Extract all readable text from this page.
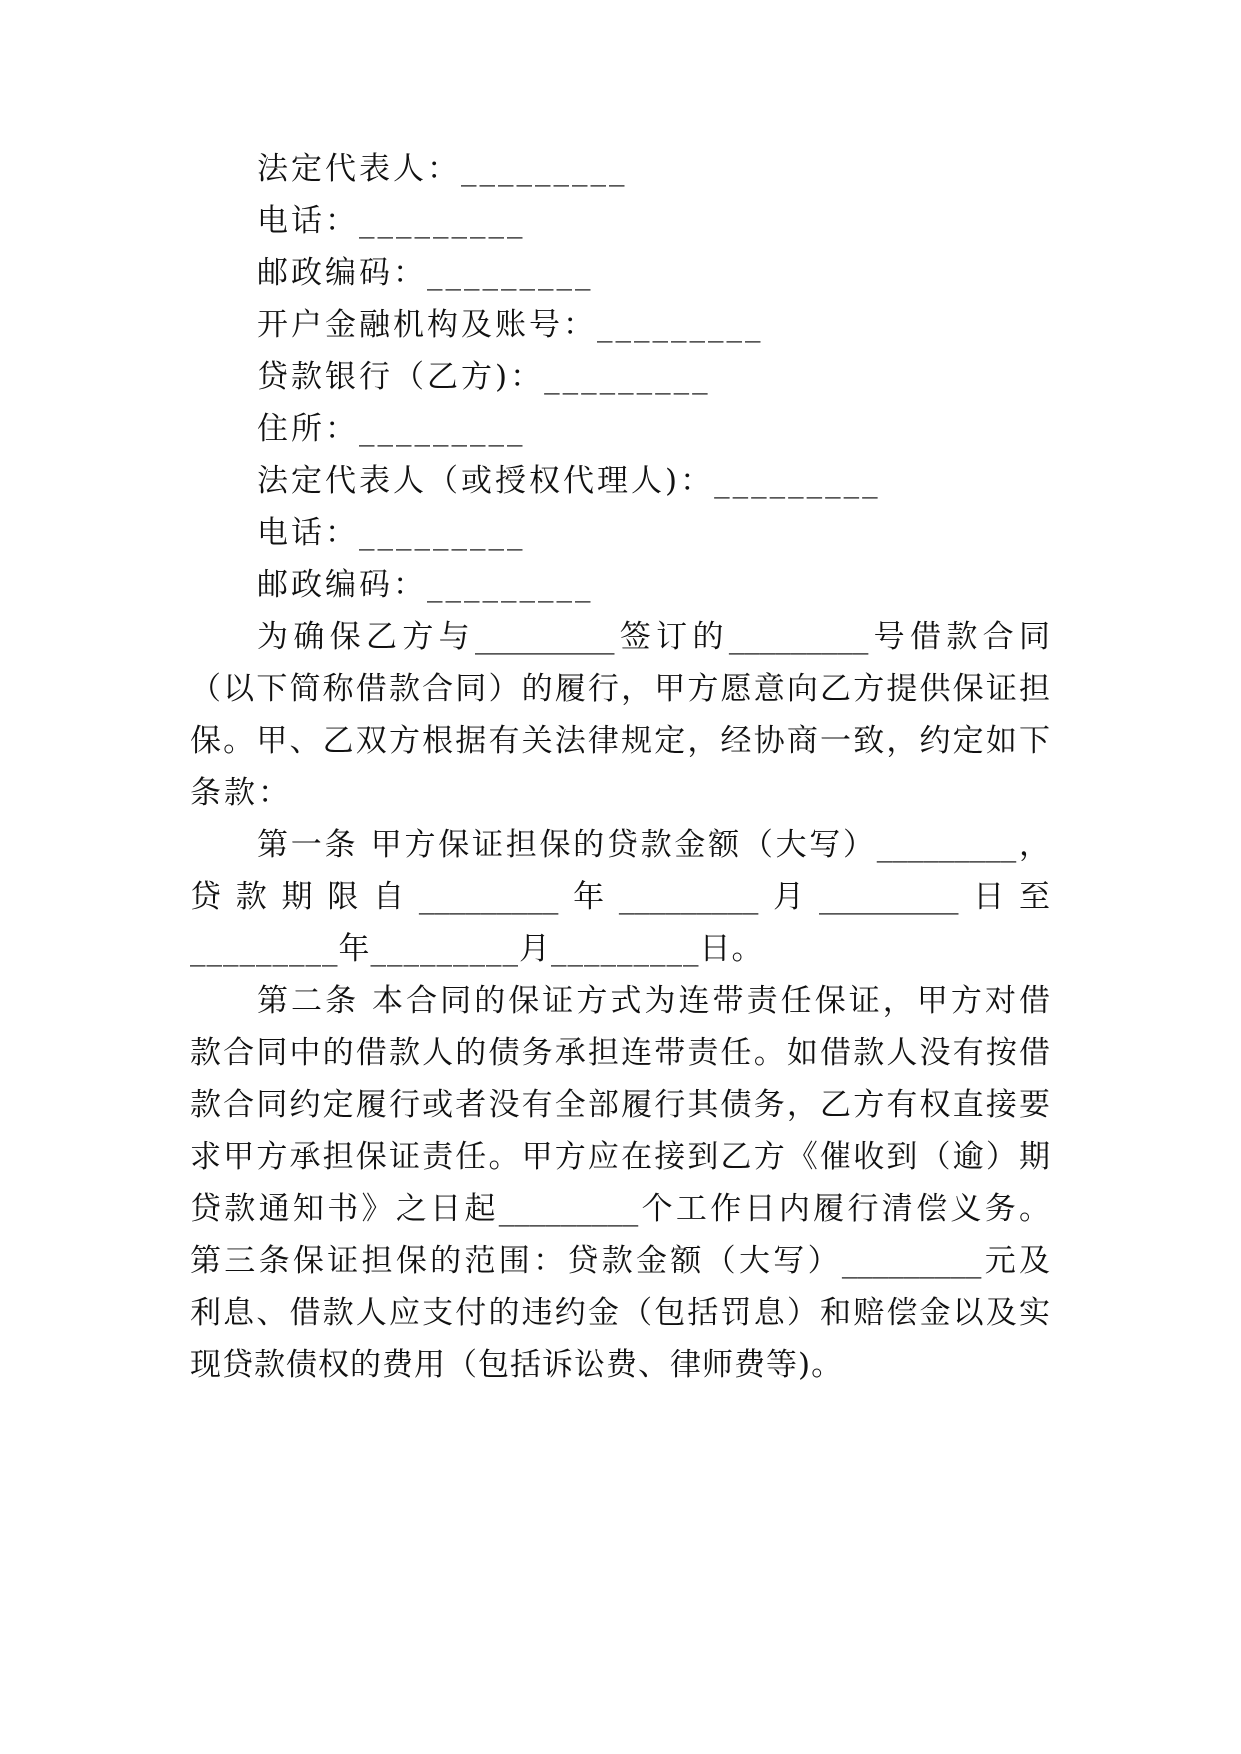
法定代表人：_________
电话：_________
邮政编码：_________
开户金融机构及账号：_________
贷款银行（乙方)：_________
住所：_________
法定代表人（或授权代理人)：_________
电话：_________
邮政编码：_________
为确保乙方与_________签订的_________号借款合同
（以下简称借款合同）的履行，甲方愿意向乙方提供保证担
保。甲、乙双方根据有关法律规定，经协商一致，约定如下
条款：
第一条 甲方保证担保的贷款金额（大写）_________，
贷款期限自_________年_________月_________日至
_________年_________月_________日。
第二条 本合同的保证方式为连带责任保证，甲方对借
款合同中的借款人的债务承担连带责任。如借款人没有按借
款合同约定履行或者没有全部履行其债务，乙方有权直接要
求甲方承担保证责任。甲方应在接到乙方《催收到（逾）期
贷款通知书》之日起_________个工作日内履行清偿义务。
第三条保证担保的范围：贷款金额（大写）_________元及
利息、借款人应支付的违约金（包括罚息）和赔偿金以及实
现贷款债权的费用（包括诉讼费、律师费等)。
